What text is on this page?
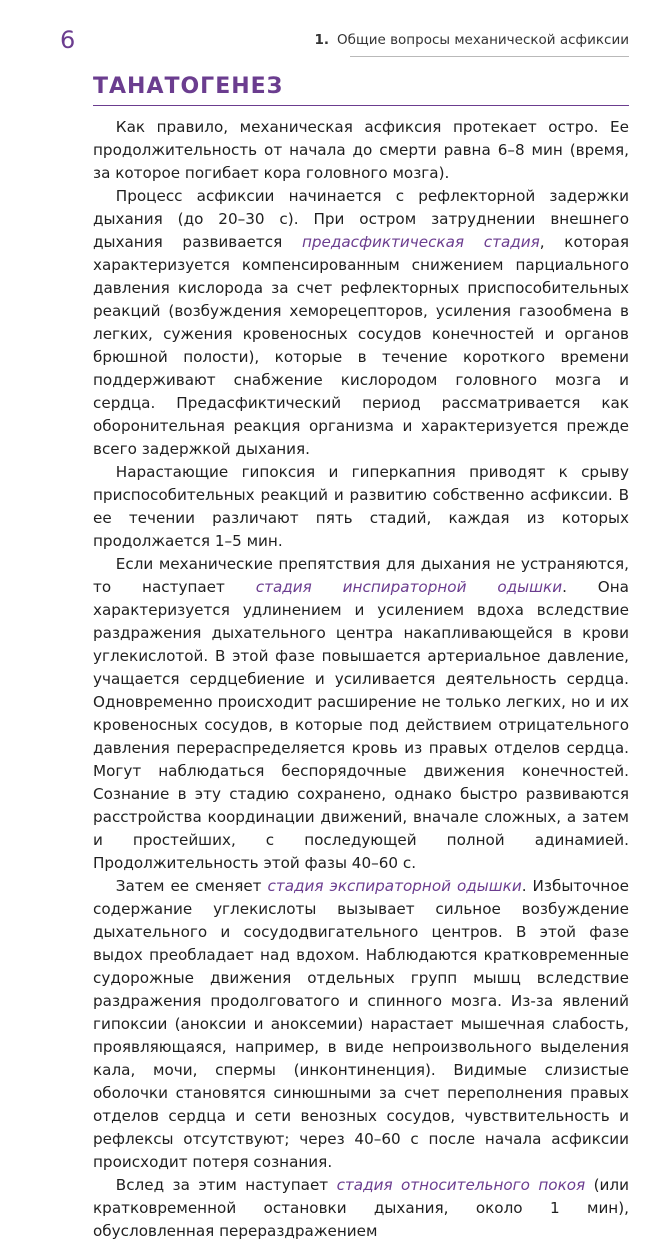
6	1. Общие вопросы механической асфиксии
ТАНАТОГЕНЕЗ

  Как правило, механическая асфиксия протекает остро. Ее продолжительность от начала до смерти равна 6–8 мин (время, за которое погибает кора головного мозга).

  Процесс асфиксии начинается с рефлекторной задержки дыхания (до 20–30 с). При остром затруднении внешнего дыхания развивается предасфиктическая стадия, которая характеризуется компенсированным снижением парциального давления кислорода за счет рефлекторных приспособительных реакций (возбуждения хеморецепторов, усиления газообмена в легких, сужения кровеносных сосудов конечностей и органов брюшной полости), которые в течение короткого времени поддерживают снабжение кислородом головного мозга и сердца. Предасфиктический период рассматривается как оборонительная реакция организма и характеризуется прежде всего задержкой дыхания.

  Нарастающие гипоксия и гиперкапния приводят к срыву приспособительных реакций и развитию собственно асфиксии. В ее течении различают пять стадий, каждая из которых продолжается 1–5 мин.

  Если механические препятствия для дыхания не устраняются, то наступает стадия инспираторной одышки. Она характеризуется удлинением и усилением вдоха вследствие раздражения дыхательного центра накапливающейся в крови углекислотой. В этой фазе повышается артериальное давление, учащается сердцебиение и усиливается деятельность сердца. Одновременно происходит расширение не только легких, но и их кровеносных сосудов, в которые под действием отрицательного давления перераспределяется кровь из правых отделов сердца. Могут наблюдаться беспорядочные движения конечностей. Сознание в эту стадию сохранено, однако быстро развиваются расстройства координации движений, вначале сложных, а затем и простейших, с последующей полной адинамией. Продолжительность этой фазы 40–60 с.

  Затем ее сменяет стадия экспираторной одышки. Избыточное содержание углекислоты вызывает сильное возбуждение дыхательного и сосудодвигательного центров. В этой фазе выдох преобладает над вдохом. Наблюдаются кратковременные судорожные движения отдельных групп мышц вследствие раздражения продолговатого и спинного мозга. Из-за явлений гипоксии (аноксии и аноксемии) нарастает мышечная слабость, проявляющаяся, например, в виде непроизвольного выделения кала, мочи, спермы (инконтиненция). Видимые слизистые оболочки становятся синюшными за счет переполнения правых отделов сердца и сети венозных сосудов, чувствительность и рефлексы отсутствуют; через 40–60 с после начала асфиксии происходит потеря сознания.

  Вслед за этим наступает стадия относительного покоя (или кратковременной остановки дыхания, около 1 мин), обусловленная перераздражением
